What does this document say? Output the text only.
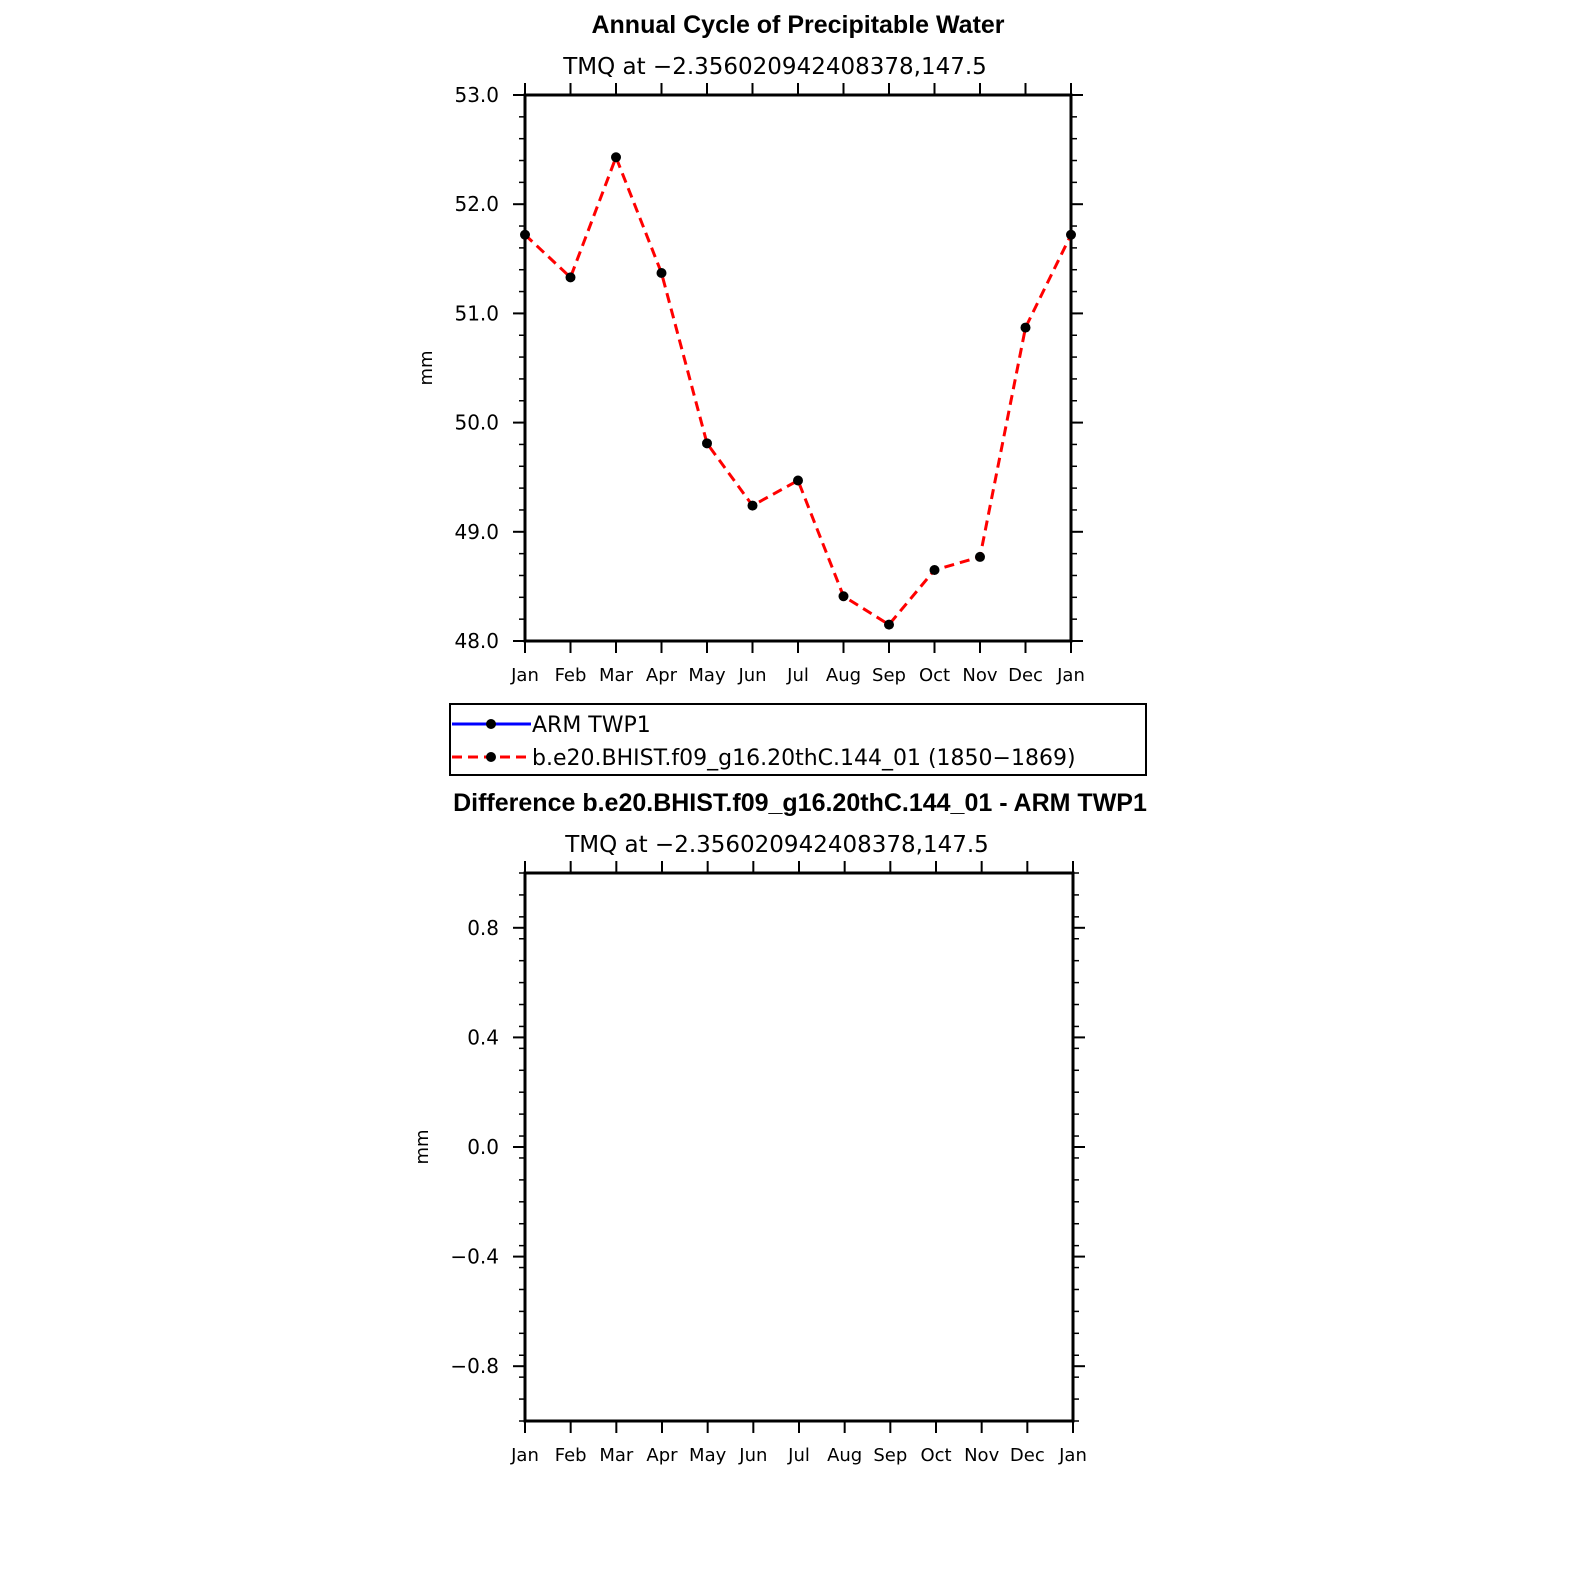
Annual Cycle of Precipitable Water
TMQ at −2.356020942408378,147.5
mm
Jan Feb Mar Apr May Jun Jul Aug Sep Oct Nov Dec Jan
48.0
49.0
50.0
51.0
52.0
53.0
ARM TWP1
b.e20.BHIST.f09_g16.20thC.144_01 (1850−1869)
Difference b.e20.BHIST.f09_g16.20thC.144_01 - ARM TWP1
TMQ at −2.356020942408378,147.5
mm
Jan Feb Mar Apr May Jun Jul Aug Sep Oct Nov Dec Jan
−0.8
−0.4
0.0
0.4
0.8
